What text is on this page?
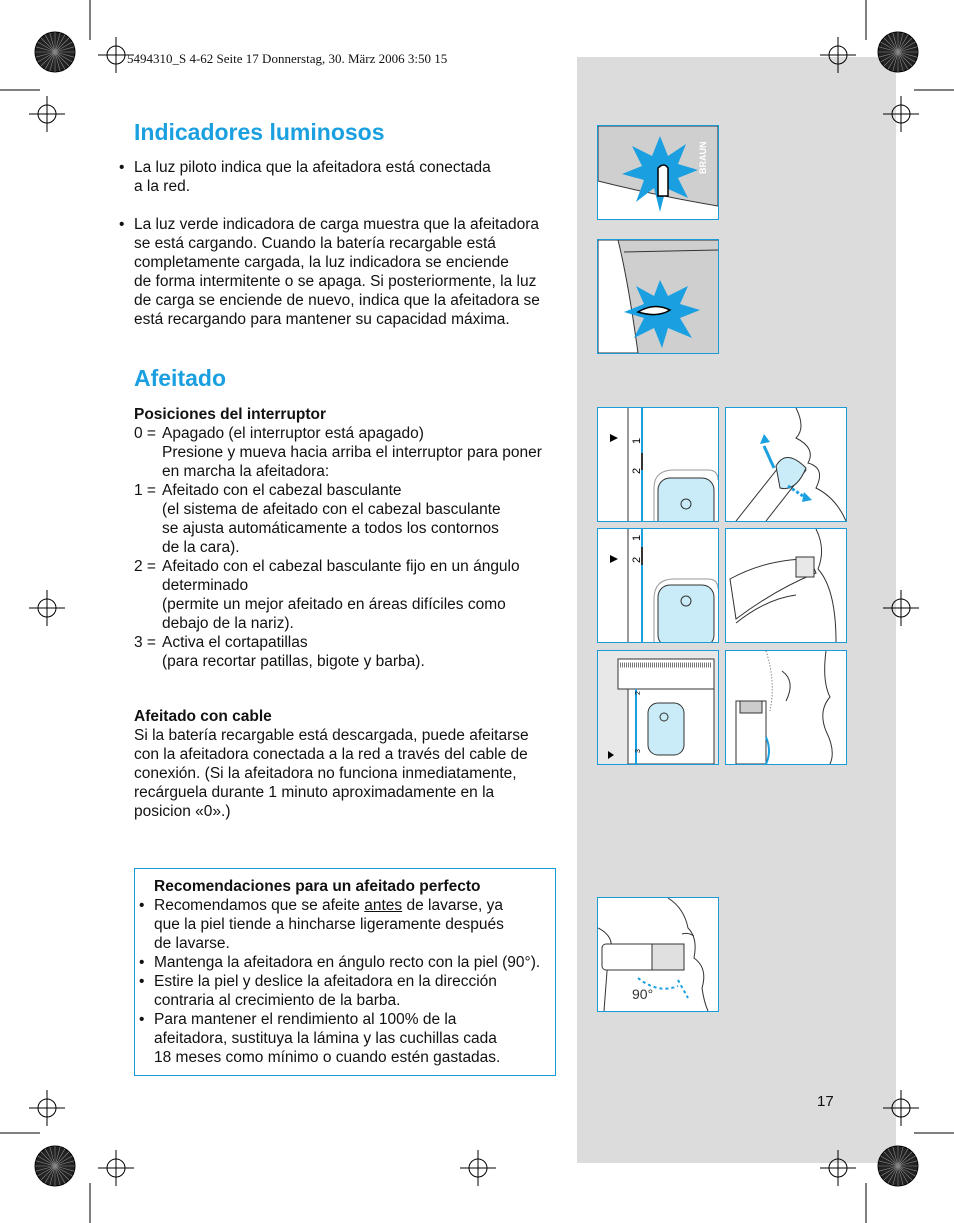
5494310_S 4-62 Seite 17 Donnerstag, 30. März 2006 3:50 15
Indicadores luminosos
• La luz piloto indica que la afeitadora está conectada
a la red.
• La luz verde indicadora de carga muestra que la afeitadora
se está cargando. Cuando la batería recargable está
completamente cargada, la luz indicadora se enciende
de forma intermitente o se apaga. Si posteriormente, la luz
de carga se enciende de nuevo, indica que la afeitadora se
está recargando para mantener su capacidad máxima.
Afeitado
Posiciones del interruptor
0 = Apagado (el interruptor está apagado)
Presione y mueva hacia arriba el interruptor para poner
en marcha la afeitadora:
1 = Afeitado con el cabezal basculante
(el sistema de afeitado con el cabezal basculante
se ajusta automáticamente a todos los contornos
de la cara).
2 = Afeitado con el cabezal basculante fijo en un ángulo
determinado
(permite un mejor afeitado en áreas difíciles como
debajo de la nariz).
3 = Activa el cortapatillas
(para recortar patillas, bigote y barba).
Afeitado con cable
Si la batería recargable está descargada, puede afeitarse
con la afeitadora conectada a la red a través del cable de
conexión. (Si la afeitadora no funciona inmediatamente,
recárguela durante 1 minuto aproximadamente en la
posicion «0».)
Recomendaciones para un afeitado perfecto
• Recomendamos que se afeite antes de lavarse, ya
que la piel tiende a hincharse ligeramente después
de lavarse.
• Mantenga la afeitadora en ángulo recto con la piel (90°).
• Estire la piel y deslice la afeitadora en la dirección
contraria al crecimiento de la barba.
• Para mantener el rendimiento al 100% de la
afeitadora, sustituya la lámina y las cuchillas cada
18 meses como mínimo o cuando estén gastadas.
BRAUN
1
2
1
2
2
3
90°
17
